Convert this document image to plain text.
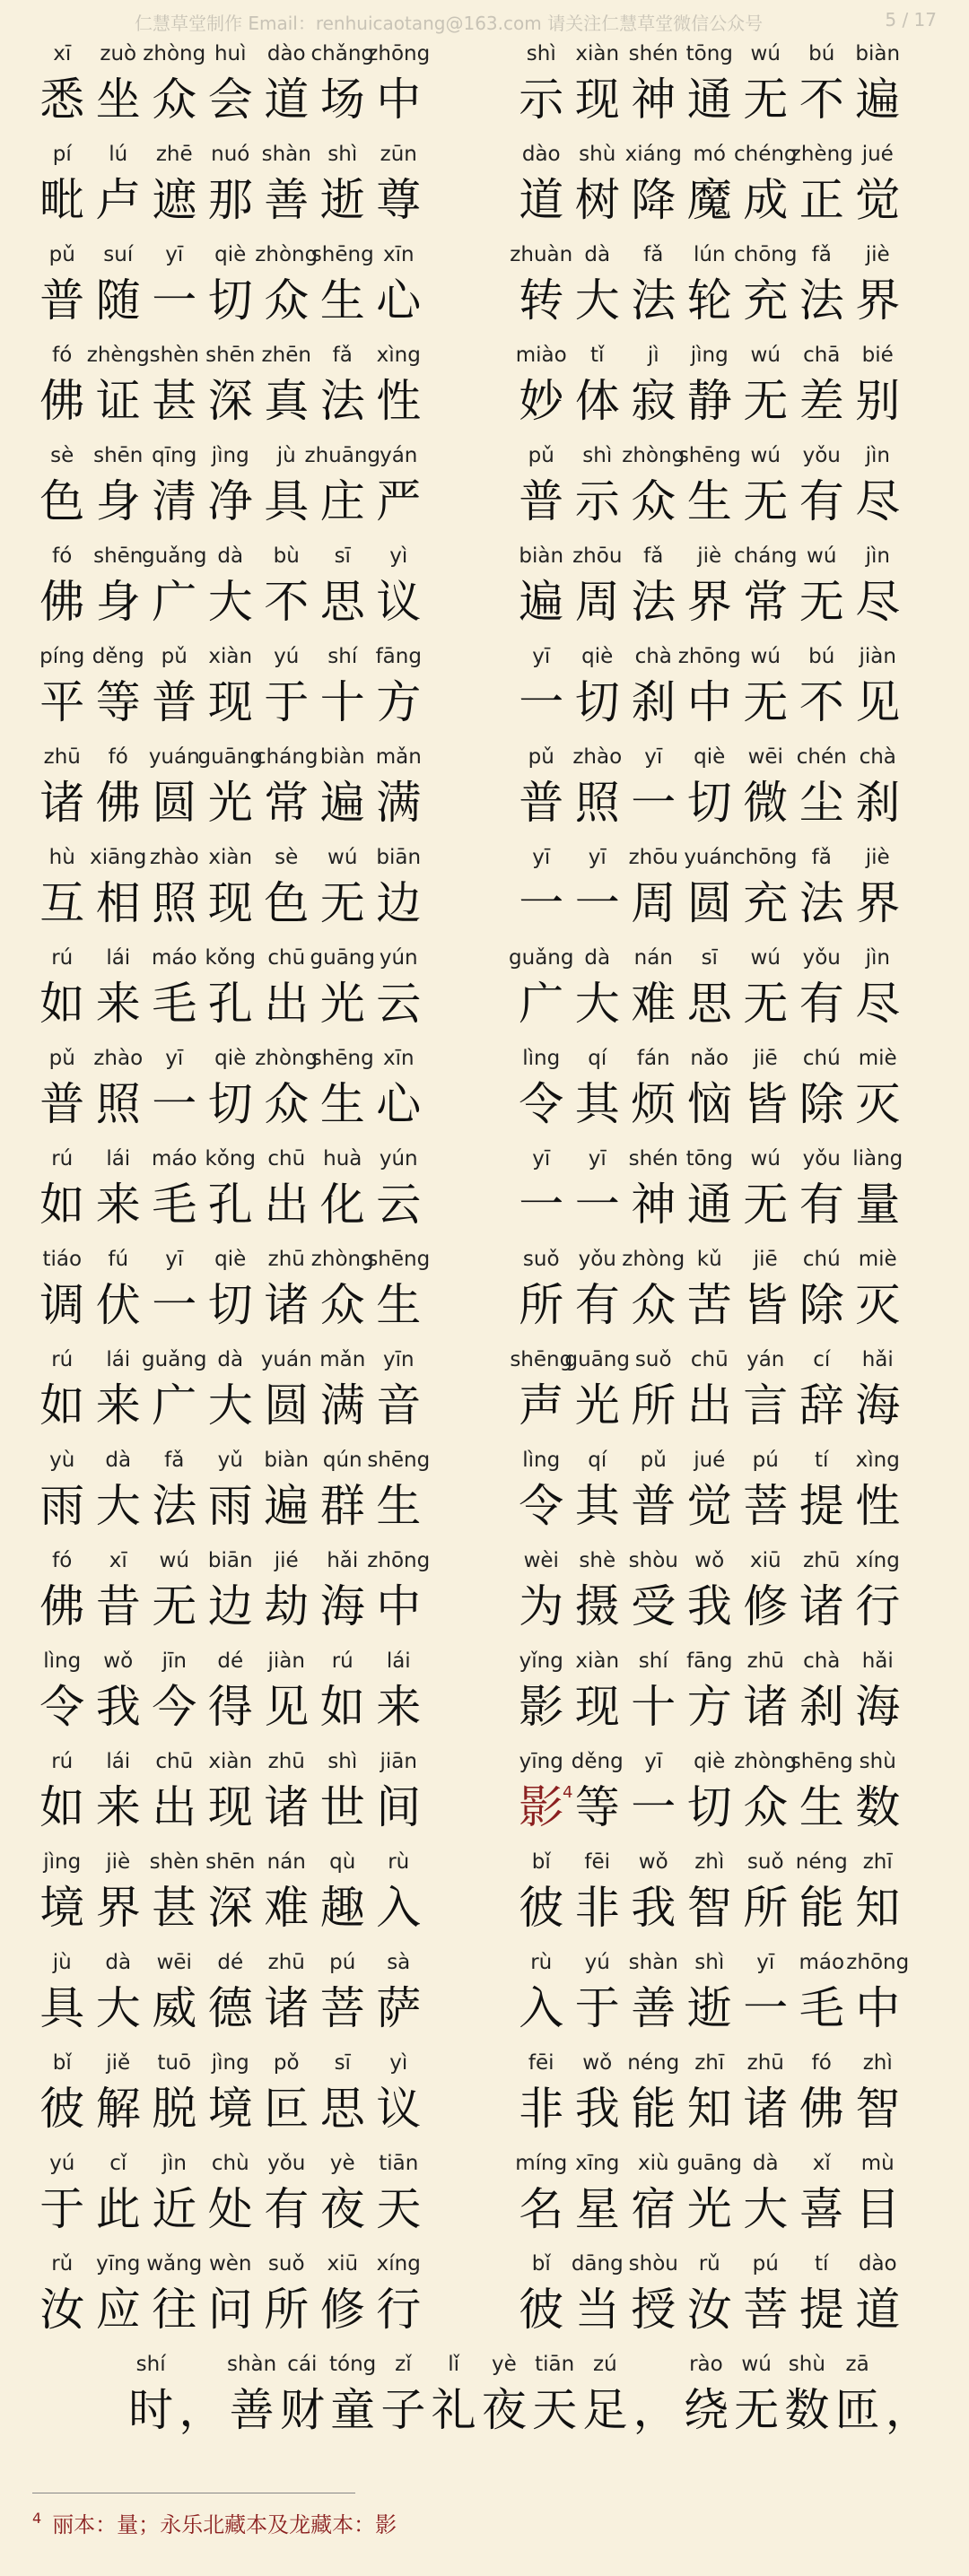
仁慧草堂制作 Email：renhuicaotang@163.com 请关注仁慧草堂微信公众号	5 / 17
xī
悉
zuò
坐
zhòng
众
huì
会
dào
道
chǎng
场
zhōng
中
pí
毗
lú
卢
zhē
遮
nuó
那
shàn
善
shì
逝
zūn
尊
pǔ
普
suí
随
yī
一
qiè
切
zhòng
众
shēng
生
xīn
心
fó
佛
zhèng
证
shèn
甚
shēn
深
zhēn
真
fǎ
法
xìng
性
sè
色
shēn
身
qīng
清
jìng
净
jù
具
zhuāng
庄
yán
严
fó
佛
shēn
身
guǎng
广
dà
大
bù
不
sī
思
yì
议
píng
平
děng
等
pǔ
普
xiàn
现
yú
于
shí
十
fāng
方
zhū
诸
fó
佛
yuán
圆
guāng
光
cháng
常
biàn
遍
mǎn
满
hù
互
xiāng
相
zhào
照
xiàn
现
sè
色
wú
无
biān
边
rú
如
lái
来
máo
毛
kǒng
孔
chū
出
guāng
光
yún
云
pǔ
普
zhào
照
yī
一
qiè
切
zhòng
众
shēng
生
xīn
心
rú
如
lái
来
máo
毛
kǒng
孔
chū
出
huà
化
yún
云
tiáo
调
fú
伏
yī
一
qiè
切
zhū
诸
zhòng
众
shēng
生
rú
如
lái
来
guǎng
广
dà
大
yuán
圆
mǎn
满
yīn
音
yù
雨
dà
大
fǎ
法
yǔ
雨
biàn
遍
qún
群
shēng
生
fó
佛
xī
昔
wú
无
biān
边
jié
劫
hǎi
海
zhōng
中
lìng
令
wǒ
我
jīn
今
dé
得
jiàn
见
rú
如
lái
来
rú
如
lái
来
chū
出
xiàn
现
zhū
诸
shì
世
jiān
间
jìng
境
jiè
界
shèn
甚
shēn
深
nán
难
qù
趣
rù
入
jù
具
dà
大
wēi
威
dé
德
zhū
诸
pú
菩
sà
萨
bǐ
彼
jiě
解
tuō
脱
jìng
境
pǒ
叵
sī
思
yì
议
yú
于
cǐ
此
jìn
近
chù
处
yǒu
有
yè
夜
tiān
天
rǔ
汝
yīng
应
wǎng
往
wèn
问
suǒ
所
xiū
修
xíng
行
shì
示
xiàn
现
shén
神
tōng
通
wú
无
bú
不
biàn
遍
dào
道
shù
树
xiáng
降
mó
魔
chéng
成
zhèng
正
jué
觉
zhuàn
转
dà
大
fǎ
法
lún
轮
chōng
充
fǎ
法
jiè
界
miào
妙
tǐ
体
jì
寂
jìng
静
wú
无
chā
差
bié
别
pǔ
普
shì
示
zhòng
众
shēng
生
wú
无
yǒu
有
jìn
尽
biàn
遍
zhōu
周
fǎ
法
jiè
界
cháng
常
wú
无
jìn
尽
yī
一
qiè
切
chà
刹
zhōng
中
wú
无
bú
不
jiàn
见
pǔ
普
zhào
照
yī
一
qiè
切
wēi
微
chén
尘
chà
刹
yī
一
yī
一
zhōu
周
yuán
圆
chōng
充
fǎ
法
jiè
界
guǎng
广
dà
大
nán
难
sī
思
wú
无
yǒu
有
jìn
尽
lìng
令
qí
其
fán
烦
nǎo
恼
jiē
皆
chú
除
miè
灭
yī
一
yī
一
shén
神
tōng
通
wú
无
yǒu
有
liàng
量
suǒ
所
yǒu
有
zhòng
众
kǔ
苦
jiē
皆
chú
除
miè
灭
shēng
声
guāng
光
suǒ
所
chū
出
yán
言
cí
辞
hǎi
海
lìng
令
qí
其
pǔ
普
jué
觉
pú
菩
tí
提
xìng
性
wèi
为
shè
摄
shòu
受
wǒ
我
xiū
修
zhū
诸
xíng
行
yǐng
影
xiàn
现
shí
十
fāng
方
zhū
诸
chà
刹
hǎi
海
yīng
影
4
děng
等
yī
一
qiè
切
zhòng
众
shēng
生
shù
数
bǐ
彼
fēi
非
wǒ
我
zhì
智
suǒ
所
néng
能
zhī
知
rù
入
yú
于
shàn
善
shì
逝
yī
一
máo
毛
zhōng
中
fēi
非
wǒ
我
néng
能
zhī
知
zhū
诸
fó
佛
zhì
智
míng
名
xīng
星
xiù
宿
guāng
光
dà
大
xǐ
喜
mù
目
bǐ
彼
dāng
当
shòu
授
rǔ
汝
pú
菩
tí
提
dào
道
shí
时 ，
shàn
善
cái
财
tóng
童
zǐ
子
lǐ
礼
yè
夜
tiān
天
zú
足 ，
rào
绕
wú
无
shù
数
zā
匝 ，
$^4$ 丽本：量；永乐北藏本及龙藏本：影
